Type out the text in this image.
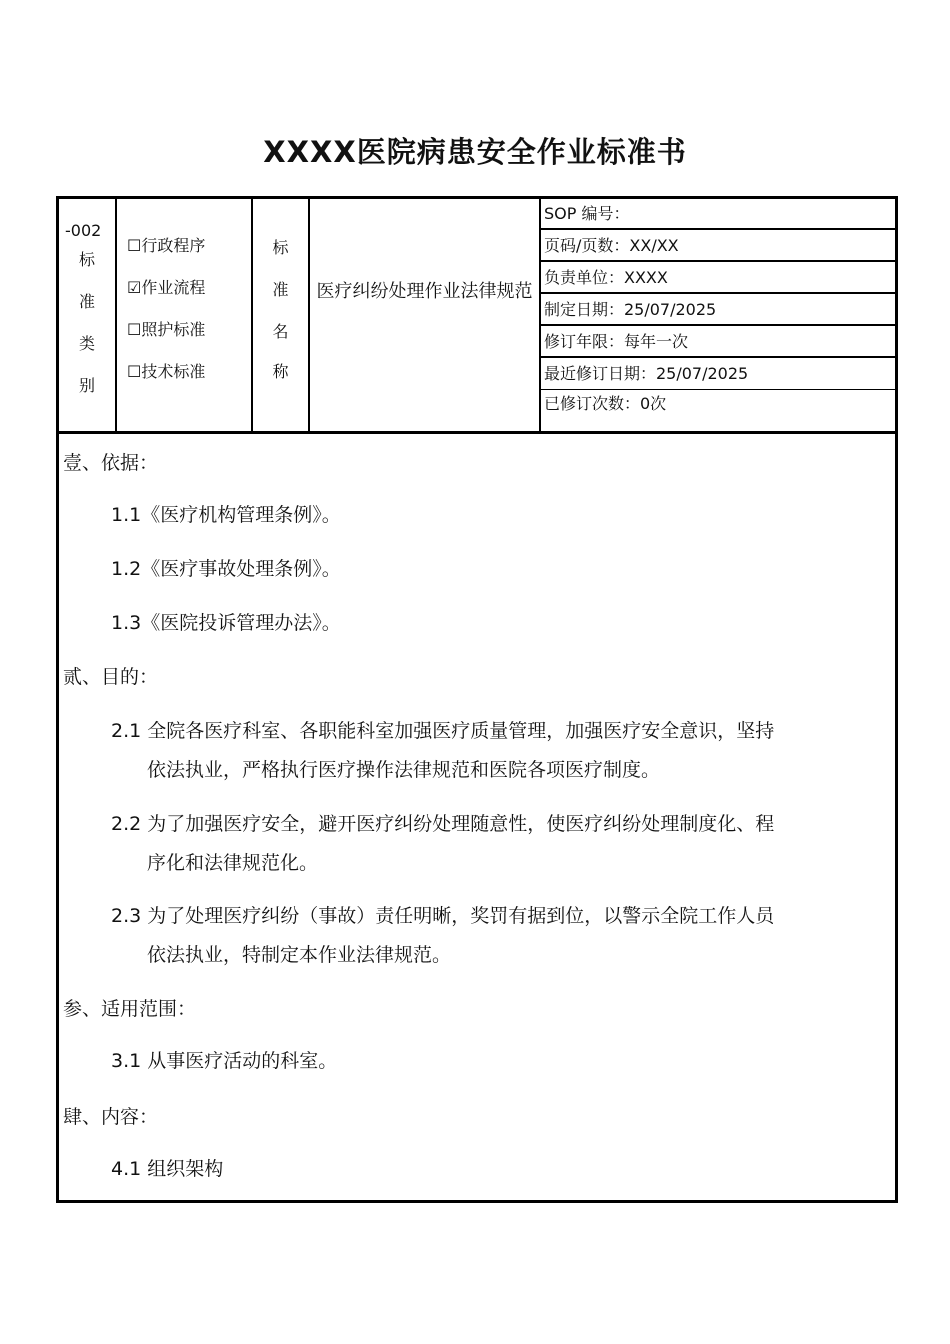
XXXX医院病患安全作业标准书
-002
标
准
类
别
☐行政程序
☑作业流程
☐照护标准
☐技术标准
标
准
名
称
医疗纠纷处理作业法律规范
SOP 编号：
页码/页数：XX/XX
负责单位：XXXX
制定日期：25/07/2025
修订年限：每年一次
最近修订日期：25/07/2025
已修订次数：0次
壹、依据：
1.1《医疗机构管理条例》。
1.2《医疗事故处理条例》。
1.3《医院投诉管理办法》。
贰、目的：
2.1 全院各医疗科室、各职能科室加强医疗质量管理，加强医疗安全意识，坚持
依法执业，严格执行医疗操作法律规范和医院各项医疗制度。
2.2 为了加强医疗安全，避开医疗纠纷处理随意性，使医疗纠纷处理制度化、程
序化和法律规范化。
2.3 为了处理医疗纠纷（事故）责任明晰，奖罚有据到位，以警示全院工作人员
依法执业，特制定本作业法律规范。
参、适用范围：
3.1 从事医疗活动的科室。
肆、内容：
4.1 组织架构
